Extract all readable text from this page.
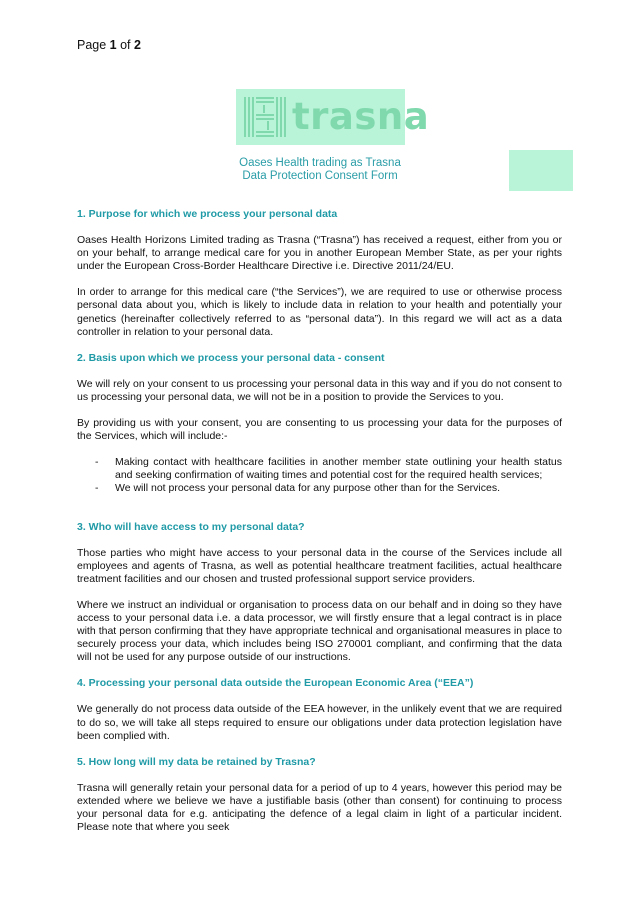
Page 1 of 2
trasna
Oases Health trading as Trasna
Data Protection Consent Form

1. Purpose for which we process your personal data

Oases Health Horizons Limited trading as Trasna (“Trasna”) has received a request, either from you or on your behalf, to arrange medical care for you in another European Member State, as per your rights under the European Cross-Border Healthcare Directive i.e. Directive 2011/24/EU.

In order to arrange for this medical care (“the Services”), we are required to use or otherwise process personal data about you, which is likely to include data in relation to your health and potentially your genetics (hereinafter collectively referred to as “personal data”). In this regard we will act as a data controller in relation to your personal data.

2. Basis upon which we process your personal data - consent

We will rely on your consent to us processing your personal data in this way and if you do not consent to us processing your personal data, we will not be in a position to provide the Services to you.

By providing us with your consent, you are consenting to us processing your data for the purposes of the Services, which will include:-

- Making contact with healthcare facilities in another member state outlining your health status and seeking confirmation of waiting times and potential cost for the required health services;
- We will not process your personal data for any purpose other than for the Services.

3. Who will have access to my personal data?

Those parties who might have access to your personal data in the course of the Services include all employees and agents of Trasna, as well as potential healthcare treatment facilities, actual healthcare treatment facilities and our chosen and trusted professional support service providers.

Where we instruct an individual or organisation to process data on our behalf and in doing so they have access to your personal data i.e. a data processor, we will firstly ensure that a legal contract is in place with that person confirming that they have appropriate technical and organisational measures in place to securely process your data, which includes being ISO 270001 compliant, and confirming that the data will not be used for any purpose outside of our instructions.

4. Processing your personal data outside the European Economic Area (“EEA”)

We generally do not process data outside of the EEA however, in the unlikely event that we are required to do so, we will take all steps required to ensure our obligations under data protection legislation have been complied with.

5. How long will my data be retained by Trasna?

Trasna will generally retain your personal data for a period of up to 4 years, however this period may be extended where we believe we have a justifiable basis (other than consent) for continuing to process your personal data for e.g. anticipating the defence of a legal claim in light of a particular incident. Please note that where you seek
